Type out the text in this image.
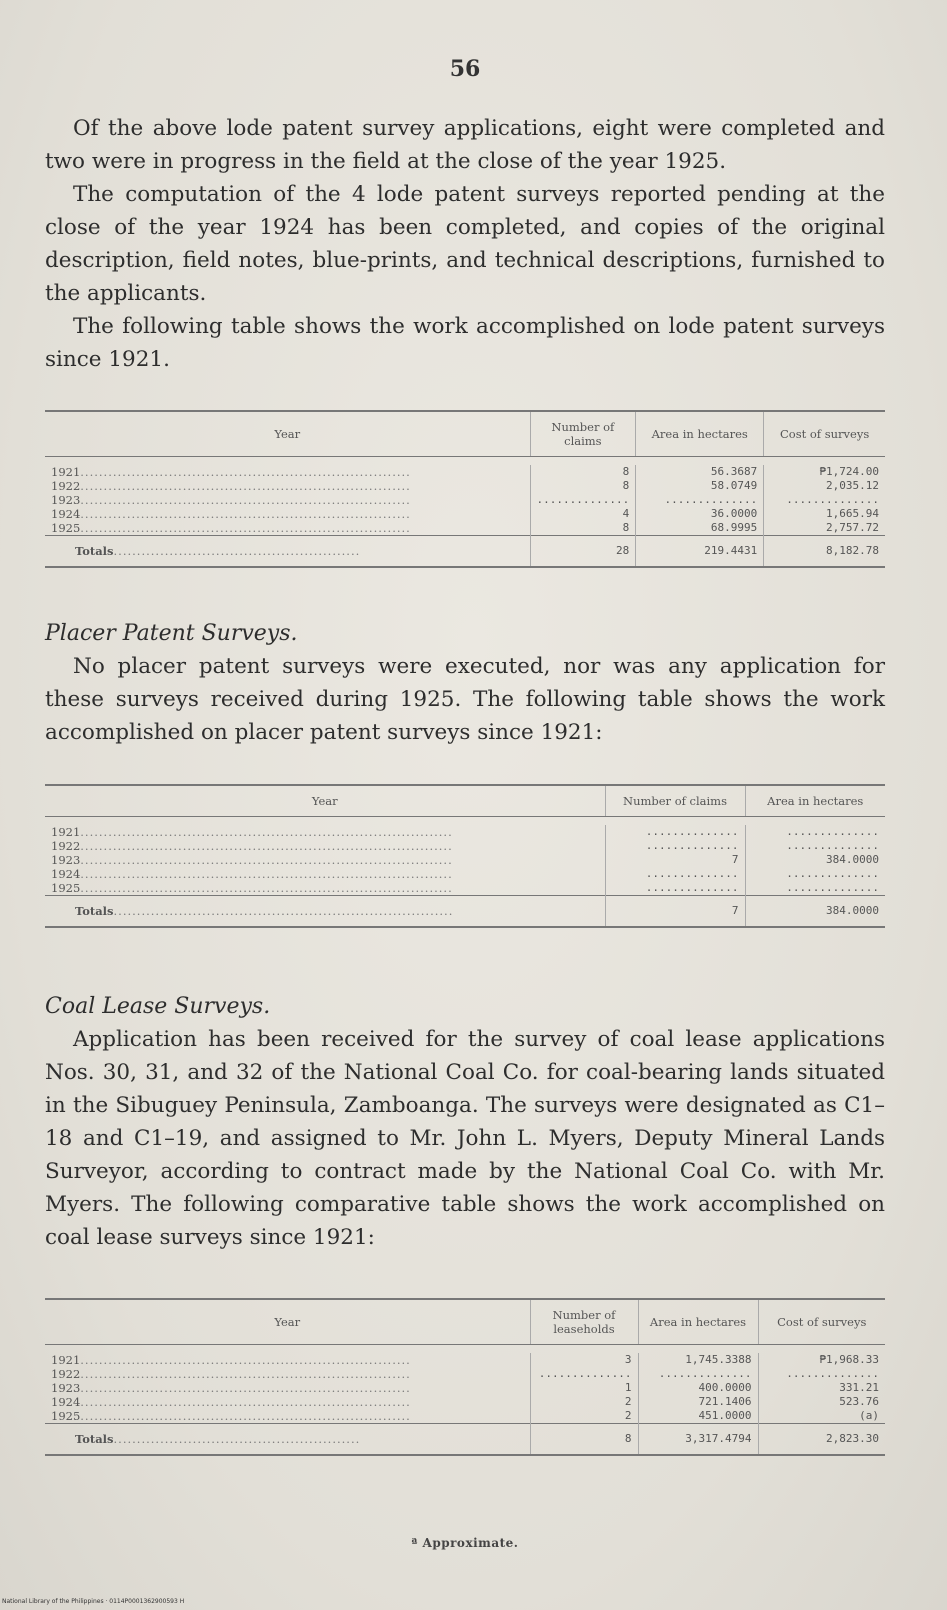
56

Of the above lode patent survey applications, eight were completed and two were in progress in the field at the close of the year 1925.

The computation of the 4 lode patent surveys reported pending at the close of the year 1924 has been completed, and copies of the original description, field notes, blue-prints, and technical descriptions, furnished to the applicants.

The following table shows the work accomplished on lode patent surveys since 1921.

Year	Number of claims	Area in hectares	Cost of surveys

1921.......................................................................	8	56.3687	₱1,724.00
1922.......................................................................	8	58.0749	2,035.12
1923.......................................................................	..............	..............	..............
1924.......................................................................	4	36.0000	1,665.94
1925.......................................................................	8	68.9995	2,757.72
Totals.....................................................	28	219.4431	8,182.78
Placer Patent Surveys.

No placer patent surveys were executed, nor was any application for these surveys received during 1925. The following table shows the work accomplished on placer patent surveys since 1921:

Year	Number of claims	Area in hectares

1921................................................................................	..............	..............
1922................................................................................	..............	..............
1923................................................................................	7	384.0000
1924................................................................................	..............	..............
1925................................................................................	..............	..............
Totals.........................................................................	7	384.0000
Coal Lease Surveys.

Application has been received for the survey of coal lease applications Nos. 30, 31, and 32 of the National Coal Co. for coal-bearing lands situated in the Sibuguey Peninsula, Zamboanga. The surveys were designated as C1–18 and C1–19, and assigned to Mr. John L. Myers, Deputy Mineral Lands Surveyor, according to contract made by the National Coal Co. with Mr. Myers. The following comparative table shows the work accomplished on coal lease surveys since 1921:

Year	Number of leaseholds	Area in hectares	Cost of surveys

1921.......................................................................	3	1,745.3388	₱1,968.33
1922.......................................................................	..............	..............	..............
1923.......................................................................	1	400.0000	331.21
1924.......................................................................	2	721.1406	523.76
1925.......................................................................	2	451.0000	(a)
Totals.....................................................	8	3,317.4794	2,823.30
ª Approximate.
National Library of the Philippines · 0114P0001362900593 H
